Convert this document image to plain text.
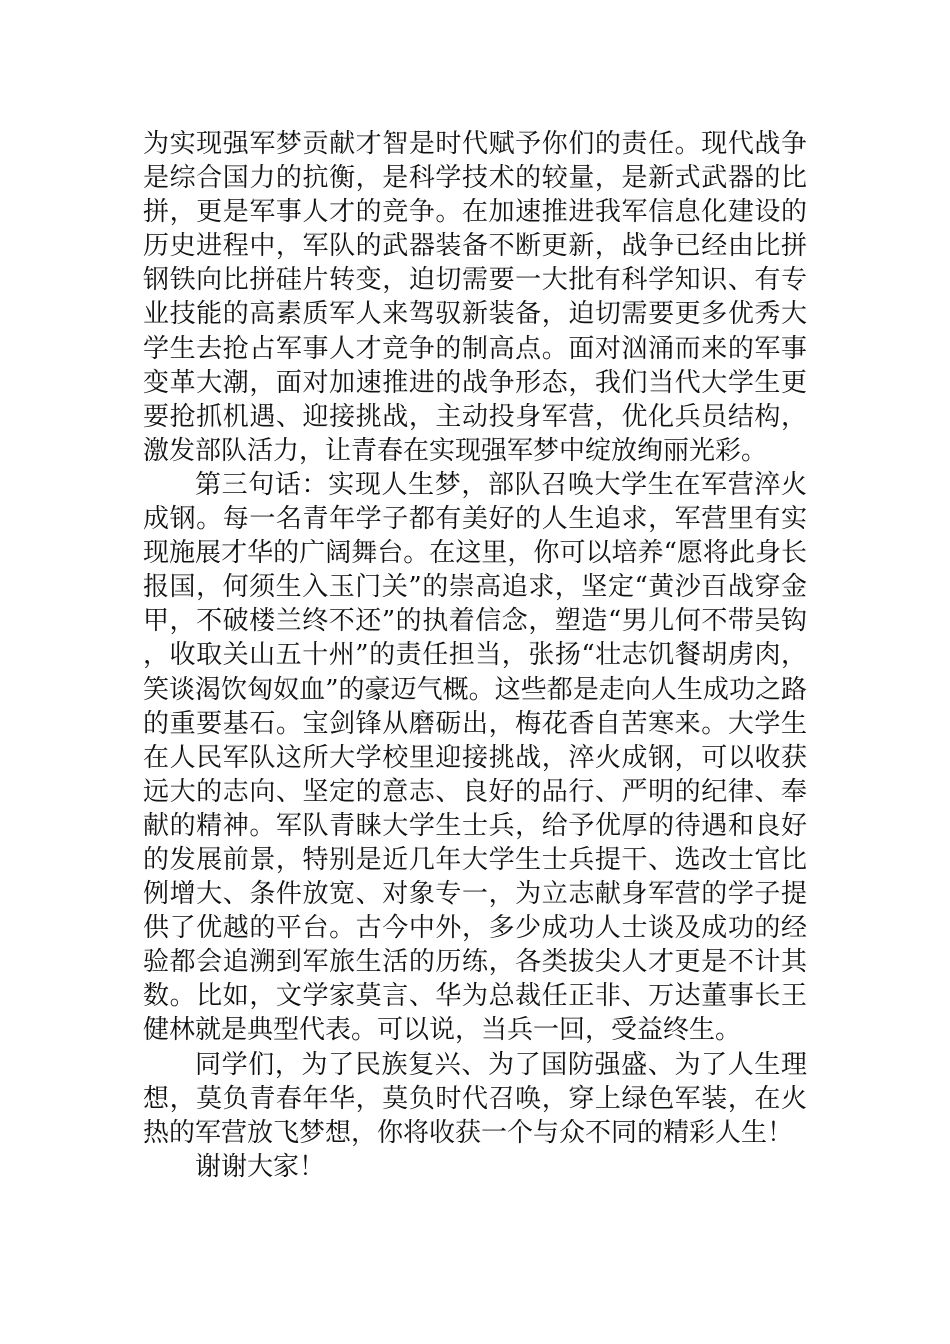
为实现强军梦贡献才智是时代赋予你们的责任。现代战争是综合国力的抗衡，是科学技术的较量，是新式武器的比拼，更是军事人才的竞争。在加速推进我军信息化建设的历史进程中，军队的武器装备不断更新，战争已经由比拼钢铁向比拼硅片转变，迫切需要一大批有科学知识、有专业技能的高素质军人来驾驭新装备，迫切需要更多优秀大学生去抢占军事人才竞争的制高点。面对汹涌而来的军事变革大潮，面对加速推进的战争形态，我们当代大学生更要抢抓机遇、迎接挑战，主动投身军营，优化兵员结构，激发部队活力，让青春在实现强军梦中绽放绚丽光彩。

第三句话：实现人生梦，部队召唤大学生在军营淬火成钢。每一名青年学子都有美好的人生追求，军营里有实现施展才华的广阔舞台。在这里，你可以培养“愿将此身长报国，何须生入玉门关”的崇高追求，坚定“黄沙百战穿金甲，不破楼兰终不还”的执着信念，塑造“男儿何不带吴钩，收取关山五十州”的责任担当，张扬“壮志饥餐胡虏肉，笑谈渴饮匈奴血”的豪迈气概。这些都是走向人生成功之路的重要基石。宝剑锋从磨砺出，梅花香自苦寒来。大学生在人民军队这所大学校里迎接挑战，淬火成钢，可以收获远大的志向、坚定的意志、良好的品行、严明的纪律、奉献的精神。军队青睐大学生士兵，给予优厚的待遇和良好的发展前景，特别是近几年大学生士兵提干、选改士官比例增大、条件放宽、对象专一，为立志献身军营的学子提供了优越的平台。古今中外，多少成功人士谈及成功的经验都会追溯到军旅生活的历练，各类拔尖人才更是不计其数。比如，文学家莫言、华为总裁任正非、万达董事长王健林就是典型代表。可以说，当兵一回，受益终生。

同学们，为了民族复兴、为了国防强盛、为了人生理想，莫负青春年华，莫负时代召唤，穿上绿色军装，在火热的军营放飞梦想，你将收获一个与众不同的精彩人生！

谢谢大家！
